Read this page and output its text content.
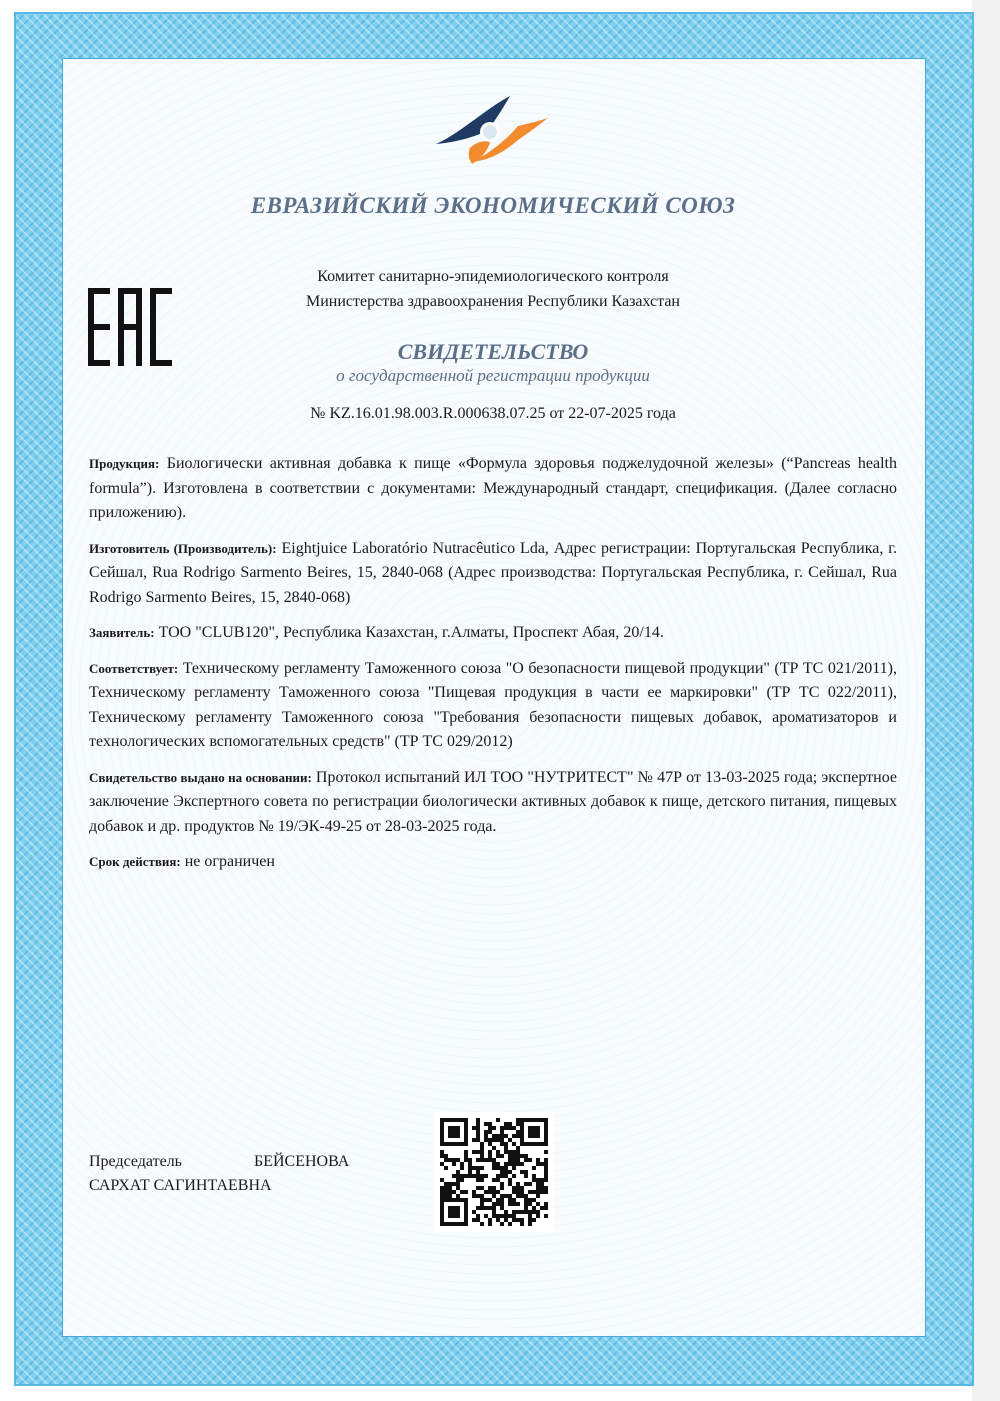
ЕВРАЗИЙСКИЙ ЭКОНОМИЧЕСКИЙ СОЮЗ
Комитет санитарно-эпидемиологического контроля
Министерства здравоохранения Республики Казахстан
СВИДЕТЕЛЬСТВО
о государственной регистрации продукции
№ KZ.16.01.98.003.R.000638.07.25 от 22-07-2025 года

Продукция: Биологически активная добавка к пище «Формула здоровья поджелудочной железы» (“Pancreas health formula”). Изготовлена в соответствии с документами: Международный стандарт, спецификация. (Далее согласно приложению).

Изготовитель (Производитель): Eightjuice Laboratório Nutracêutico Lda, Адрес регистрации: Португальская Республика, г. Сейшал, Rua Rodrigo Sarmento Beires, 15, 2840-068 (Адрес производства: Португальская Республика, г. Сейшал, Rua Rodrigo Sarmento Beires, 15, 2840-068)

Заявитель: ТОО "CLUB120", Республика Казахстан, г.Алматы, Проспект Абая, 20/14.

Соответствует: Техническому регламенту Таможенного союза "О безопасности пищевой продукции" (ТР ТС 021/2011), Техническому регламенту Таможенного союза "Пищевая продукция в части ее маркировки" (ТР ТС 022/2011), Техническому регламенту Таможенного союза "Требования безопасности пищевых добавок, ароматизаторов и технологических вспомогательных средств" (ТР ТС 029/2012)

Свидетельство выдано на основании: Протокол испытаний ИЛ ТОО "НУТРИТЕСТ" № 47Р от 13-03-2025 года; экспертное заключение Экспертного совета по регистрации биологически активных добавок к пище, детского питания, пищевых добавок и др. продуктов № 19/ЭК-49-25 от 28-03-2025 года.

Срок действия: не ограничен

Председатель	БЕЙСЕНОВА
САРХАТ САГИНТАЕВНА
